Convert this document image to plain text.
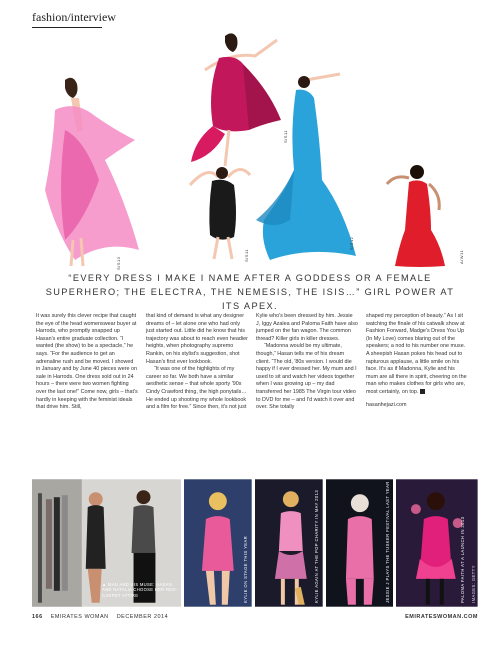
fashion/interview
S/S13
S/S11
S/S11
S/S12
A/W11
“EVERY DRESS I MAKE I NAME AFTER A GODDESS OR A FEMALE SUPERHERO; THE ELECTRA, THE NEMESIS, THE ISIS…” GIRL POWER AT ITS APEX.

It was surely this clever recipe that caught the eye of the head womenswear buyer at Harrods, who promptly snapped up Hasan's entire graduate collection. “I wanted (the show) to be a spectacle,” he says. “For the audience to get an adrenaline rush and be moved. I showed in January and by June 40 pieces were on sale in Harrods. One dress sold out in 24 hours – there were two women fighting over the last one!” Come now, girls – that's hardly in keeping with the feminist ideals that drive him. Still,

that kind of demand is what any designer dreams of – let alone one who had only just started out. Little did he know that his trajectory was about to reach even headier heights, when photography supremo Rankin, on his stylist's suggestion, shot Hasan's first ever lookbook.

“It was one of the highlights of my career so far. We both have a similar aesthetic sense – that whole sporty '90s Cindy Crawford thing, the high ponytails…He ended up shooting my whole lookbook and a film for free.” Since then, it's not just

Kylie who's been dressed by him. Jessie J, Iggy Azalea and Paloma Faith have also jumped on the fan wagon. The common thread? Killer girls in killer dresses.

“Madonna would be my ultimate, though,” Hasan tells me of his dream client. “The old, '80s version. I would die happy if I ever dressed her. My mum and I used to sit and watch her videos together when I was growing up – my dad transferred her 1985 The Virgin tour video to DVD for me – and I'd watch it over and over. She totally

shaped my perception of beauty.” As I sit watching the finale of his catwalk show at Fashion Forward, Madge's Dress You Up (In My Love) comes blaring out of the speakers; a nod to his number one muse. A sheepish Hasan pokes his head out to rapturous applause, a little smile on his face. It's as if Madonna, Kylie and his mum are all there in spirit, cheering on the man who makes clothes for girls who are, most certainly, on top.

hasanhejazi.com

▲ MAN AND HIS MUSE: HASAN AND NATALIA CHOOSE HER RED-CARPET ATTIRE	KYLIE ON STAGE THIS YEAR	KYLIE AGAIN AT THE POP CHARITY IN MAY 2013	JESSIE J PLAYS THE TUSKER FESTIVAL LAST YEAR	PALOMA FAITH AT A LAUNCH IN 2013 IMAGES: GETTY
166 EMIRATES WOMAN DECEMBER 2014	EMIRATESWOMAN.COM
